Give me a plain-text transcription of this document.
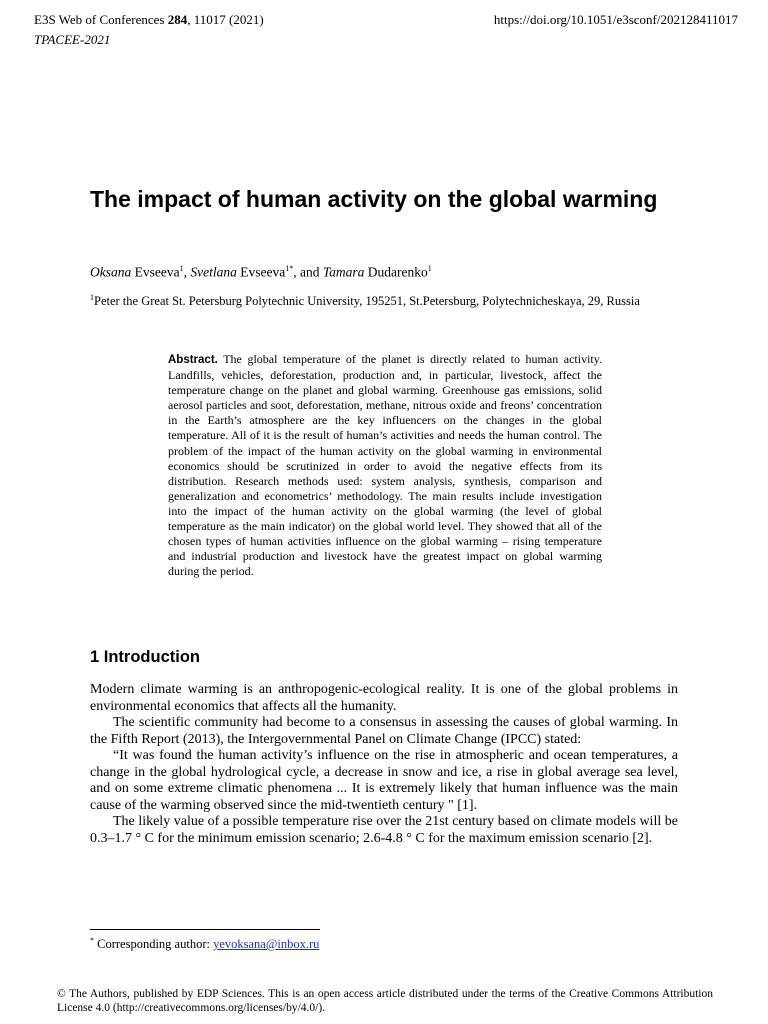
E3S Web of Conferences 284, 11017 (2021)
TPACEE-2021
https://doi.org/10.1051/e3sconf/202128411017
The impact of human activity on the global warming
Oksana Evseeva$^1$, Svetlana Evseeva$^{1*}$, and Tamara Dudarenko$^1$
$^1$Peter the Great St. Petersburg Polytechnic University, 195251, St.Petersburg, Polytechnicheskaya, 29, Russia
Abstract. The global temperature of the planet is directly related to human activity. Landfills, vehicles, deforestation, production and, in particular, livestock, affect the temperature change on the planet and global warming. Greenhouse gas emissions, solid aerosol particles and soot, deforestation, methane, nitrous oxide and freons’ concentration in the Earth’s atmosphere are the key influencers on the changes in the global temperature. All of it is the result of human’s activities and needs the human control. The problem of the impact of the human activity on the global warming in environmental economics should be scrutinized in order to avoid the negative effects from its distribution. Research methods used: system analysis, synthesis, comparison and generalization and econometrics’ methodology. The main results include investigation into the impact of the human activity on the global warming (the level of global temperature as the main indicator) on the global world level. They showed that all of the chosen types of human activities influence on the global warming – rising temperature and industrial production and livestock have the greatest impact on global warming during the period.
1 Introduction

Modern climate warming is an anthropogenic-ecological reality. It is one of the global problems in environmental economics that affects all the humanity.

The scientific community had become to a consensus in assessing the causes of global warming. In the Fifth Report (2013), the Intergovernmental Panel on Climate Change (IPCC) stated:

“It was found the human activity’s influence on the rise in atmospheric and ocean temperatures, a change in the global hydrological cycle, a decrease in snow and ice, a rise in global average sea level, and on some extreme climatic phenomena ... It is extremely likely that human influence was the main cause of the warming observed since the mid-twentieth century " [1].

The likely value of a possible temperature rise over the 21st century based on climate models will be 0.3–1.7 ° C for the minimum emission scenario; 2.6-4.8 ° C for the maximum emission scenario [2].

* Corresponding author: yevoksana@inbox.ru
© The Authors, published by EDP Sciences. This is an open access article distributed under the terms of the Creative Commons Attribution License 4.0 (http://creativecommons.org/licenses/by/4.0/).
